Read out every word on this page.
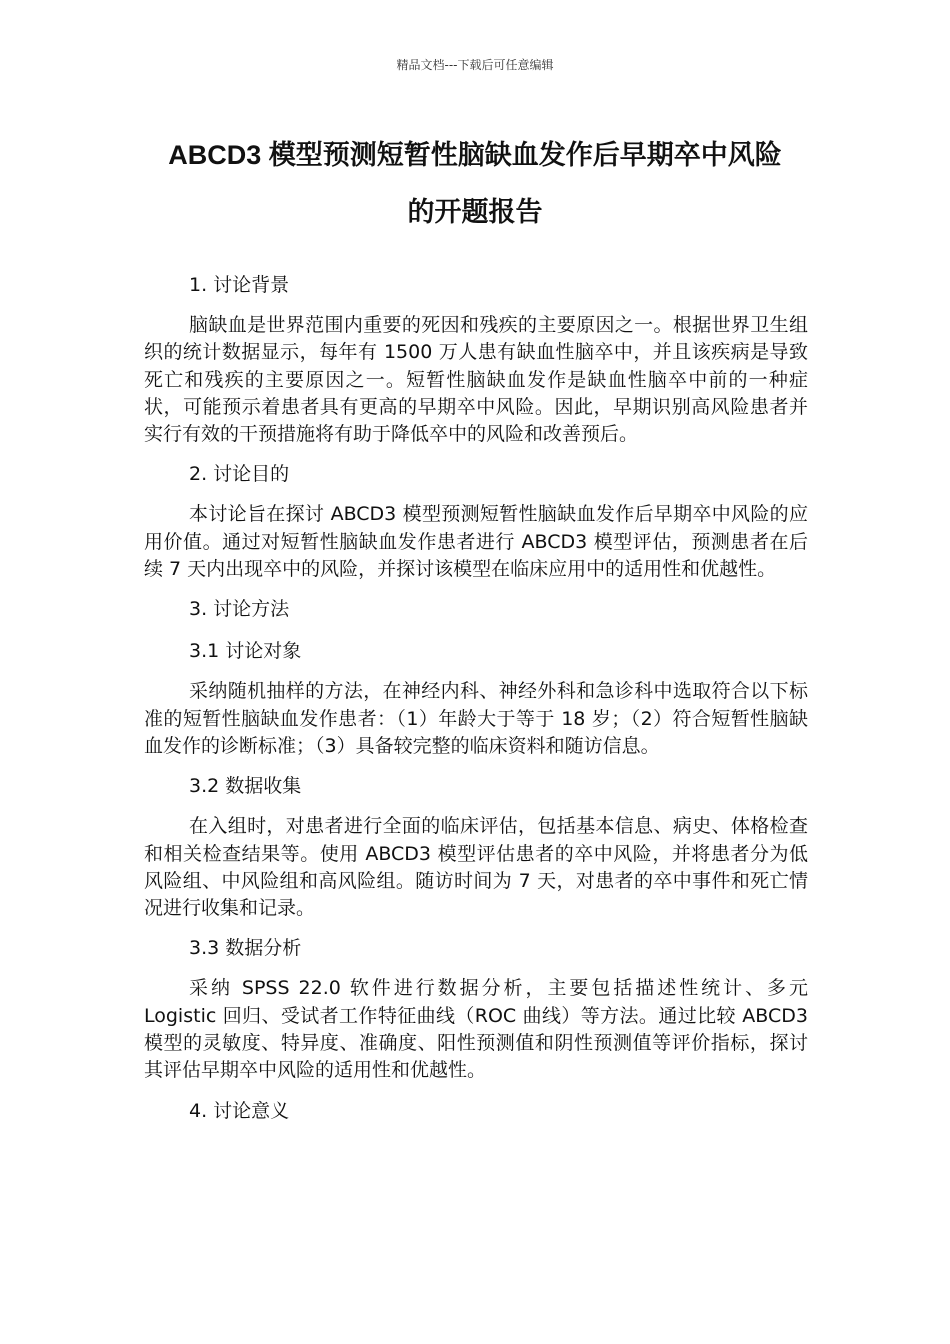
精品文档---下载后可任意编辑
ABCD3 模型预测短暂性脑缺血发作后早期卒中风险
的开题报告

1. 讨论背景

脑缺血是世界范围内重要的死因和残疾的主要原因之一。根据世界卫生组织的统计数据显示，每年有 1500 万人患有缺血性脑卒中，并且该疾病是导致死亡和残疾的主要原因之一。短暂性脑缺血发作是缺血性脑卒中前的一种症状，可能预示着患者具有更高的早期卒中风险。因此，早期识别高风险患者并实行有效的干预措施将有助于降低卒中的风险和改善预后。

2. 讨论目的

本讨论旨在探讨 ABCD3 模型预测短暂性脑缺血发作后早期卒中风险的应用价值。通过对短暂性脑缺血发作患者进行 ABCD3 模型评估，预测患者在后续 7 天内出现卒中的风险，并探讨该模型在临床应用中的适用性和优越性。

3. 讨论方法

3.1 讨论对象

采纳随机抽样的方法，在神经内科、神经外科和急诊科中选取符合以下标准的短暂性脑缺血发作患者：（1）年龄大于等于 18 岁；（2）符合短暂性脑缺血发作的诊断标准；（3）具备较完整的临床资料和随访信息。

3.2 数据收集

在入组时，对患者进行全面的临床评估，包括基本信息、病史、体格检查和相关检查结果等。使用 ABCD3 模型评估患者的卒中风险，并将患者分为低风险组、中风险组和高风险组。随访时间为 7 天，对患者的卒中事件和死亡情况进行收集和记录。

3.3 数据分析

采纳 SPSS 22.0 软件进行数据分析，主要包括描述性统计、多元 Logistic 回归、受试者工作特征曲线（ROC 曲线）等方法。通过比较 ABCD3 模型的灵敏度、特异度、准确度、阳性预测值和阴性预测值等评价指标，探讨其评估早期卒中风险的适用性和优越性。

4. 讨论意义
